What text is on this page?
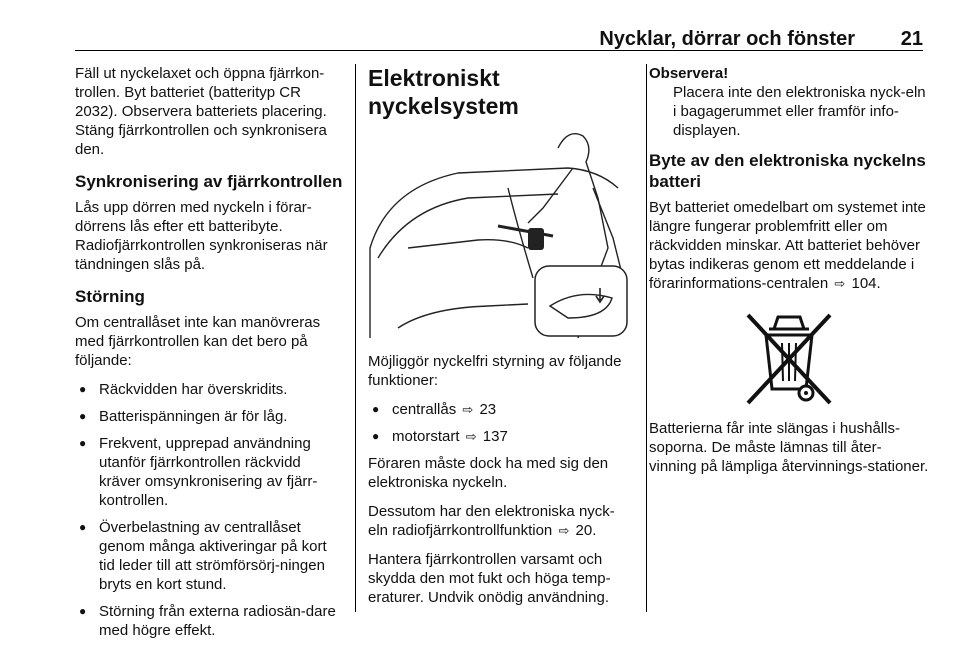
Nycklar, dörrar och fönster 21

Fäll ut nyckelaxet och öppna fjärrkon-trollen. Byt batteriet (batterityp CR 2032). Observera batteriets placering. Stäng fjärrkontrollen och synkronisera den.

Synkronisering av fjärrkontrollen

Lås upp dörren med nyckeln i förar-dörrens lås efter ett batteribyte. Radiofjärrkontrollen synkroniseras när tändningen slås på.

Störning

Om centrallåset inte kan manövreras med fjärrkontrollen kan det bero på följande:

● Räckvidden har överskridits.
● Batterispänningen är för låg.
● Frekvent, upprepad användning utanför fjärrkontrollen räckvidd kräver omsynkronisering av fjärr-kontrollen.
● Överbelastning av centrallåset genom många aktiveringar på kort tid leder till att strömförsörj-ningen bryts en kort stund.
● Störning från externa radiosän-dare med högre effekt.
Elektroniskt nyckelsystem

Möjliggör nyckelfri styrning av följande funktioner:

● centrallås ⇨ 23
● motorstart ⇨ 137

Föraren måste dock ha med sig den elektroniska nyckeln.

Dessutom har den elektroniska nyck-eln radiofjärrkontrollfunktion ⇨ 20.

Hantera fjärrkontrollen varsamt och skydda den mot fukt och höga temp-eraturer. Undvik onödig användning.

Observera!
Placera inte den elektroniska nyck-eln i bagagerummet eller framför info-displayen.
Byte av den elektroniska nyckelns batteri

Byt batteriet omedelbart om systemet inte längre fungerar problemfritt eller om räckvidden minskar. Att batteriet behöver bytas indikeras genom ett meddelande i förarinformations-centralen ⇨ 104.

Batterierna får inte slängas i hushålls-soporna. De måste lämnas till åter-vinning på lämpliga återvinnings-stationer.
